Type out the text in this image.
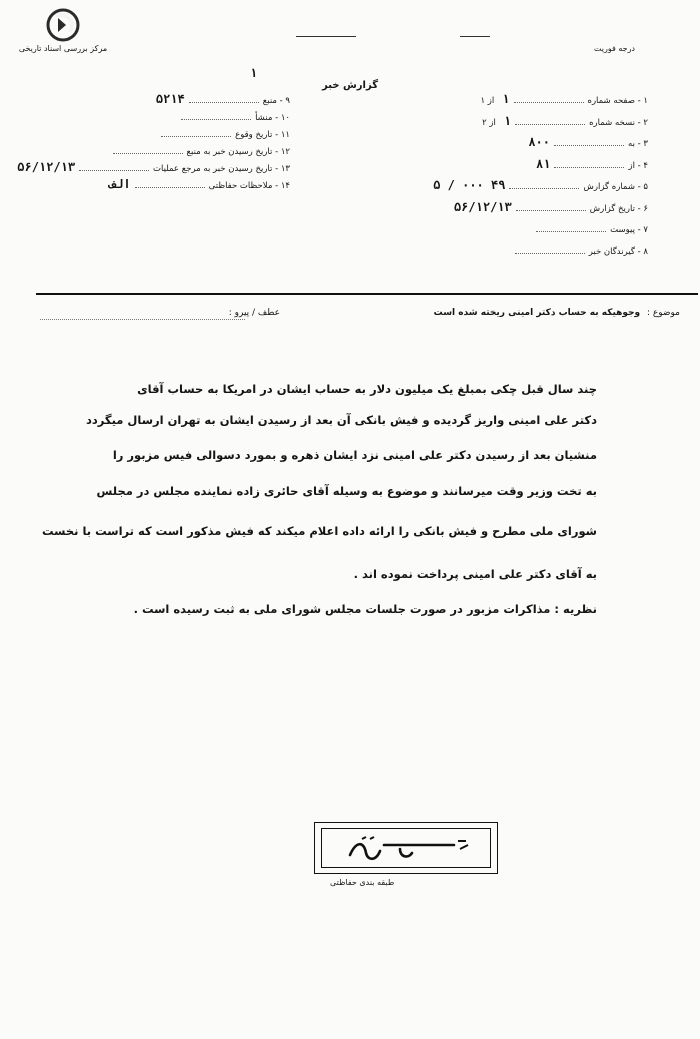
مرکز بررسی اسناد تاریخی	درجه فوریت
۱
گزارش خبر
۱ - صفحه شماره۱از ۱
۲ - نسخه شماره۱از ۲
۳ - به۸۰۰
۴ - از۸۱
۵ - شماره گزارش۴۹ ۰۰۰ / ۵
۶ - تاریخ گزارش۵۶/۱۲/۱۳
۷ - پیوست
۸ - گیرندگان خبر
۹ - منبع۵۲۱۴
۱۰ - منشأ
۱۱ - تاریخ وقوع
۱۲ - تاریخ رسیدن خبر به منبع
۱۳ - تاریخ رسیدن خبر به مرجع عملیات۵۶/۱۲/۱۳
۱۴ - ملاحظات حفاظتیالف
موضوع : وجوهیکه به حساب دکتر امینی ریخته شده است
عطف / پیرو :
چند سال قبل چکی بمبلغ یک میلیون دلار به حساب ایشان در امریکا به حساب آقای
دکتر علی امینی واریز گردیده و فیش بانکی آن بعد از رسیدن ایشان به تهران ارسال میگردد
منشیان بعد از رسیدن دکتر علی امینی نزد ایشان ذهره و بمورد دسوالی فیس مزبور را
به تخت وزیر وقت میرسانند و موضوع به وسیله آقای حائری زاده نماینده مجلس در مجلس
شورای ملی مطرح و فیش بانکی را ارائه داده اعلام میکند که فیش مذکور است که تراست با نخست
به آقای دکتر علی امینی پرداخت نموده اند .
نظریه : مذاکرات مزبور در صورت جلسات مجلس شورای ملی به ثبت رسیده است .
طبقه بندی حفاظتی
